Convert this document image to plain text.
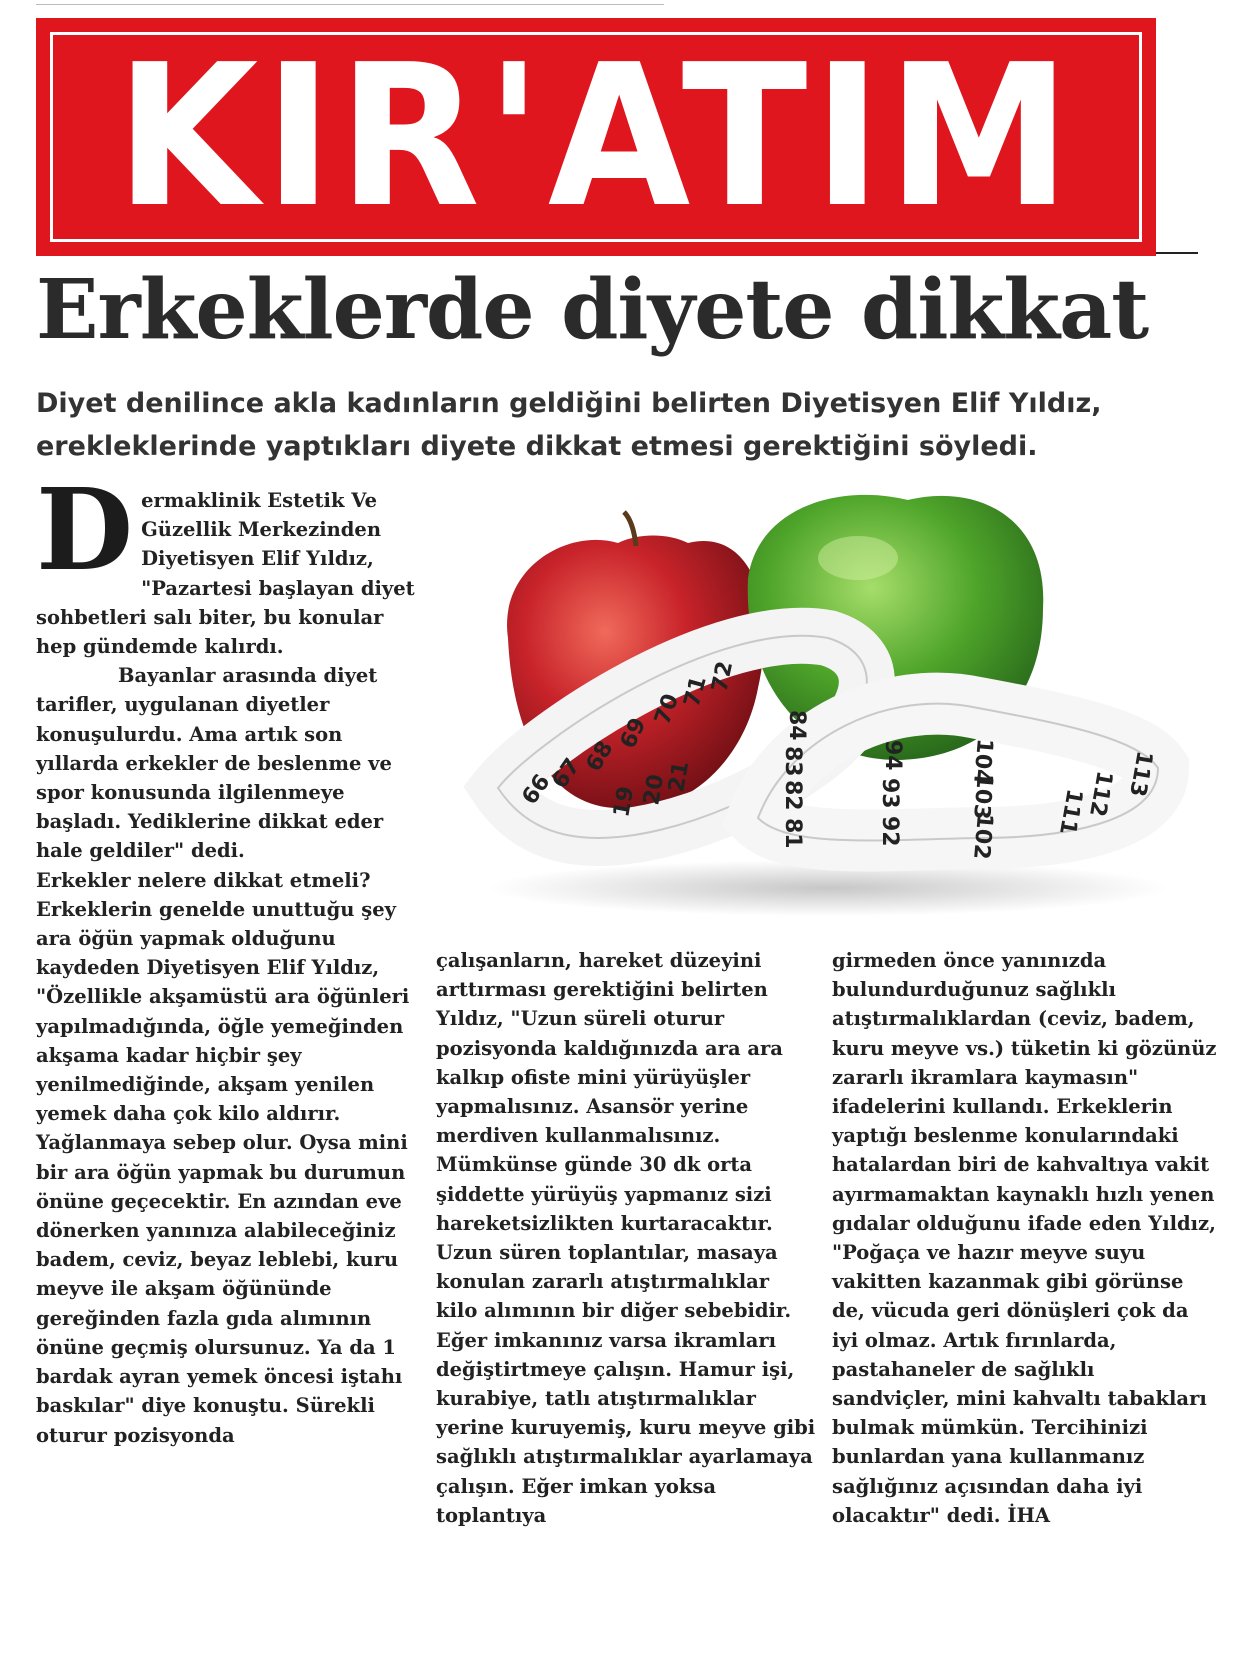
KIR'ATIM
Erkeklerde diyete dikkat
Diyet denilince akla kadınların geldiğini belirten Diyetisyen Elif Yıldız, erekleklerinde yaptıkları diyete dikkat etmesi gerektiğini söyledi.

Dermaklinik Estetik Ve Güzellik Merkezinden Diyetisyen Elif Yıldız, "Pazartesi başlayan diyet sohbetleri salı biter, bu konular hep gündemde kalırdı.

Bayanlar arasında diyet tarifler, uygulanan diyetler konuşulurdu. Ama artık son yıllarda erkekler de beslenme ve spor konusunda ilgilenmeye başladı. Yediklerine dikkat eder hale geldiler" dedi.

Erkekler nelere dikkat etmeli?

Erkeklerin genelde unuttuğu şey ara öğün yapmak olduğunu kaydeden Diyetisyen Elif Yıldız, "Özellikle akşamüstü ara öğünleri yapılmadığında, öğle yemeğinden akşama kadar hiçbir şey yenilmediğinde, akşam yenilen yemek daha çok kilo aldırır. Yağlanmaya sebep olur. Oysa mini bir ara öğün yapmak bu durumun önüne geçecektir. En azından eve dönerken yanınıza alabileceğiniz badem, ceviz, beyaz leblebi, kuru meyve ile akşam öğününde gereğinden fazla gıda alımının önüne geçmiş olursunuz. Ya da 1 bardak ayran yemek öncesi iştahı baskılar" diye konuştu. Sürekli oturur pozisyonda

19 20
21
66
67
68
69
70
71
72
81
82
83
84
92
93
94
102
103
104
111
112 113
çalışanların, hareket düzeyini arttırması gerektiğini belirten Yıldız, "Uzun süreli oturur pozisyonda kaldığınızda ara ara kalkıp ofiste mini yürüyüşler yapmalısınız. Asansör yerine merdiven kullanmalısınız. Mümkünse günde 30 dk orta şiddette yürüyüş yapmanız sizi hareketsizlikten kurtaracaktır. Uzun süren toplantılar, masaya konulan zararlı atıştırmalıklar kilo alımının bir diğer sebebidir. Eğer imkanınız varsa ikramları değiştirtmeye çalışın. Hamur işi, kurabiye, tatlı atıştırmalıklar yerine kuruyemiş, kuru meyve gibi sağlıklı atıştırmalıklar ayarlamaya çalışın. Eğer imkan yoksa toplantıya
girmeden önce yanınızda bulundurduğunuz sağlıklı atıştırmalıklardan (ceviz, badem, kuru meyve vs.) tüketin ki gözünüz zararlı ikramlara kaymasın" ifadelerini kullandı. Erkeklerin yaptığı beslenme konularındaki hatalardan biri de kahvaltıya vakit ayırmamaktan kaynaklı hızlı yenen gıdalar olduğunu ifade eden Yıldız, "Poğaça ve hazır meyve suyu vakitten kazanmak gibi görünse de, vücuda geri dönüşleri çok da iyi olmaz. Artık fırınlarda, pastahaneler de sağlıklı sandviçler, mini kahvaltı tabakları bulmak mümkün. Tercihinizi bunlardan yana kullanmanız sağlığınız açısından daha iyi olacaktır" dedi. İHA
